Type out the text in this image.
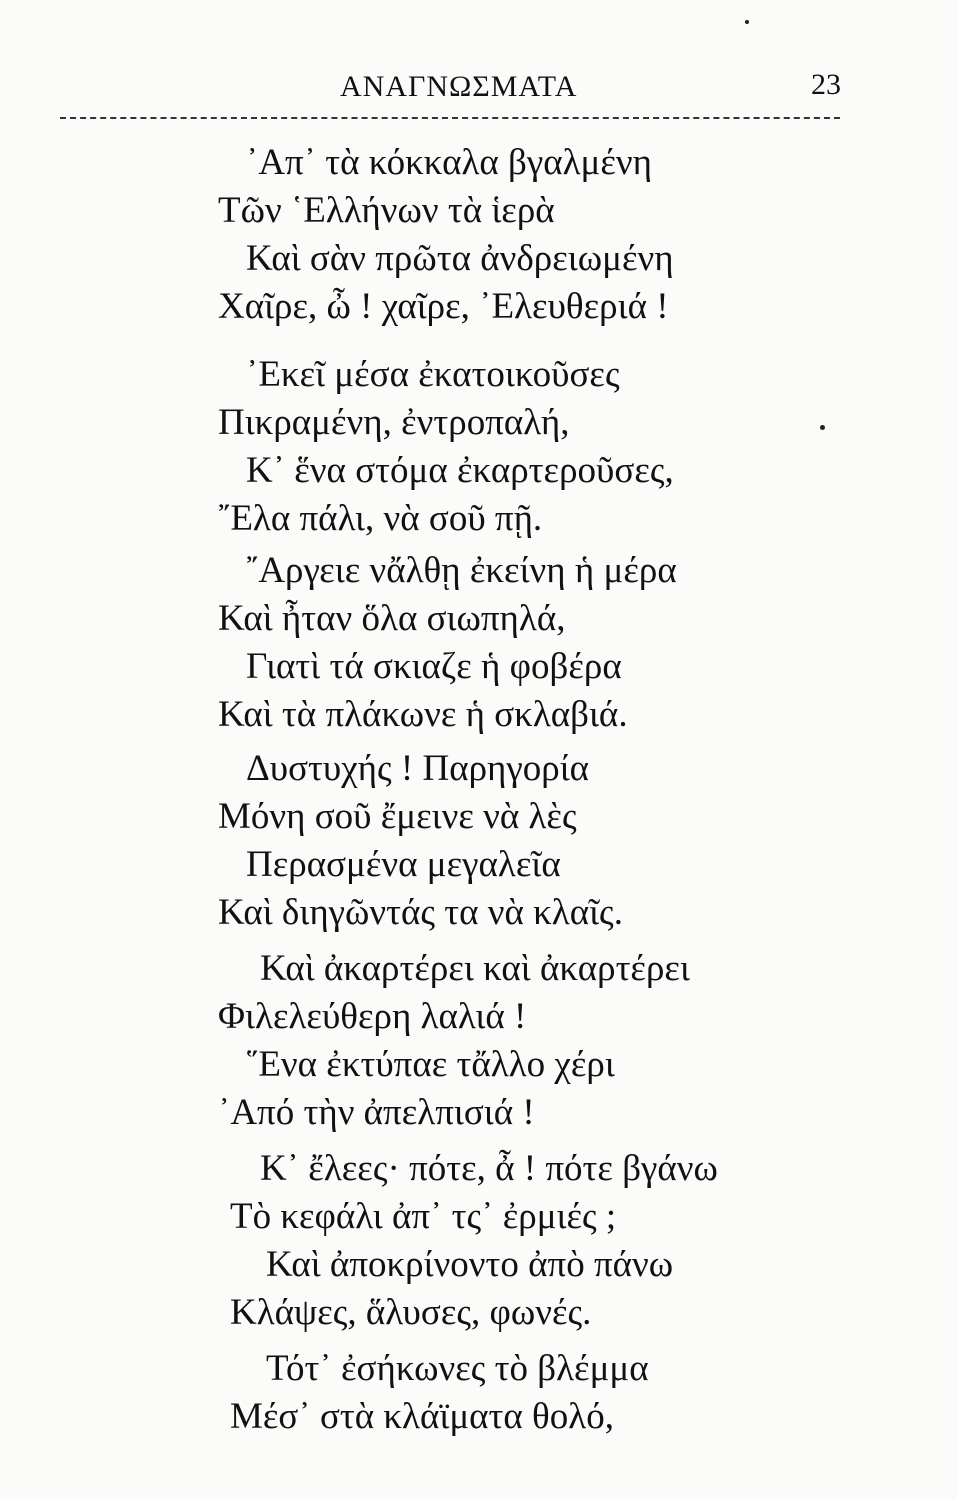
ΑΝΑΓΝΩΣΜΑΤΑ	23
᾿Απ᾿ τὰ κόκκαλα βγαλμένη
Τῶν ῾Ελλήνων τὰ ἱερὰ
Καὶ σὰν πρῶτα ἀνδρειωμένη
Χαῖρε, ὦ ! χαῖρε, ᾿Ελευθεριά !
᾿Εκεῖ μέσα ἐκατοικοῦσες
Πικραμένη, ἐντροπαλή,
Κ᾿ ἕνα στόμα ἐκαρτεροῦσες,
῎Ελα πάλι, νὰ σοῦ πῇ.
῎Αργειε νἄλθῃ ἐκείνη ἡ μέρα
Καὶ ἦταν ὅλα σιωπηλά,
Γιατὶ τά σκιαζε ἡ φοβέρα
Καὶ τὰ πλάκωνε ἡ σκλαβιά.
Δυστυχής ! Παρηγορία
Μόνη σοῦ ἔμεινε νὰ λὲς
Περασμένα μεγαλεῖα
Καὶ διηγῶντάς τα νὰ κλαῖς.
Καὶ ἀκαρτέρει καὶ ἀκαρτέρει
Φιλελεύθερη λαλιά !
῞Ενα ἐκτύπαε τἄλλο χέρι
᾿Από τὴν ἀπελπισιά !
Κ᾿ ἔλεες· πότε, ἆ ! πότε βγάνω
Τὸ κεφάλι ἀπ᾿ τς᾿ ἐρμιές ;
Καὶ ἀποκρίνοντο ἀπὸ πάνω
Κλάψες, ἅλυσες, φωνές.
Τότ᾿ ἐσήκωνες τὸ βλέμμα
Μέσ᾿ στὰ κλάϊματα θολό,
